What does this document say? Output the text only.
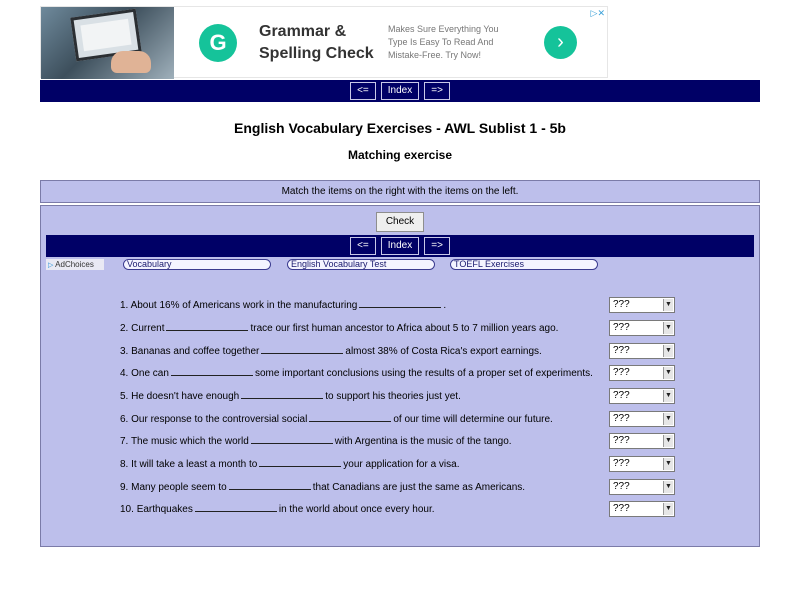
G	Grammar & Spelling Check
Makes Sure Everything You Type Is Easy To Read And Mistake-Free. Try Now!
›
▷✕
<=	Index	=>
English Vocabulary Exercises - AWL Sublist 1 - 5b
Matching exercise
Match the items on the right with the items on the left.
Check
<=	Index	=>
▷ AdChoices	Vocabulary	English Vocabulary Test	TOEFL Exercises
1. About 16% of Americans work in the manufacturing	.	???	▼
2. Current	trace our first human ancestor to Africa about 5 to 7 million years ago.	???	▼
3. Bananas and coffee together	almost 38% of Costa Rica's export earnings.	???	▼
4. One can	some important conclusions using the results of a proper set of experiments.	???	▼
5. He doesn't have enough	to support his theories just yet.	???	▼
6. Our response to the controversial social	of our time will determine our future.	???	▼
7. The music which the world	with Argentina is the music of the tango.	???	▼
8. It will take a least a month to	your application for a visa.	???	▼
9. Many people seem to	that Canadians are just the same as Americans.	???	▼
10. Earthquakes	in the world about once every hour.	???	▼
